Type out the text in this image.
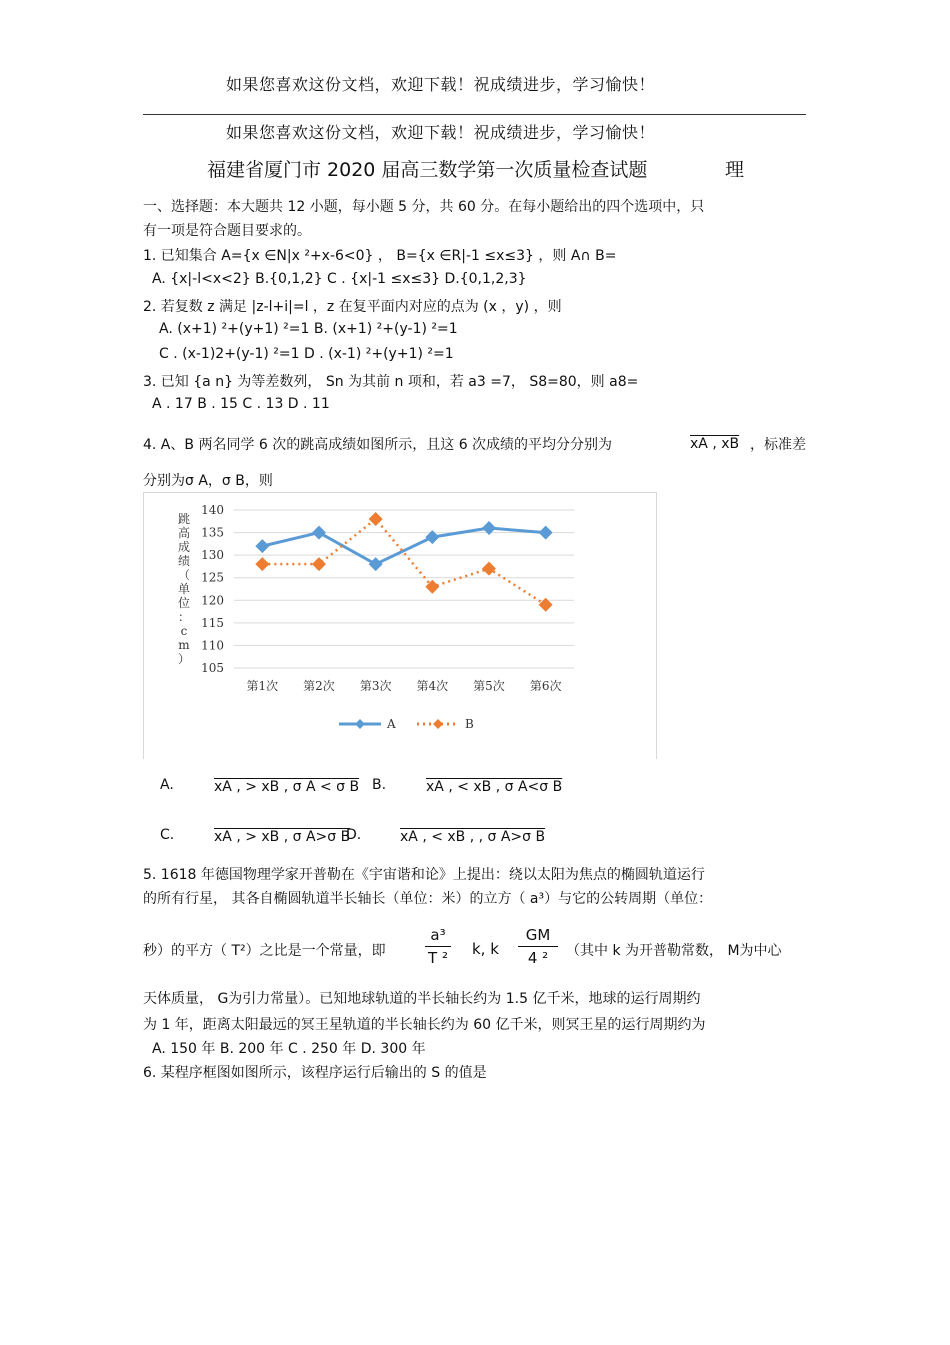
如果您喜欢这份文档，欢迎下载！祝成绩进步，学习愉快！
如果您喜欢这份文档，欢迎下载！祝成绩进步，学习愉快！
福建省厦门市 2020 届高三数学第一次质量检查试题	理
一、选择题：本大题共 12 小题，每小题 5 分，共 60 分。在每小题给出的四个选项中，只
有一项是符合题目要求的。
1. 已知集合 A={x ∈N|x ²+x-6<0} ， B={x ∈R|-1 ≤x≤3} ，则 A∩ B=
A. {x|-l<x<2} B.{0,1,2} C . {x|-1 ≤x≤3} D.{0,1,2,3}
2. 若复数 z 满足 |z-l+i|=l ，z 在复平面内对应的点为 (x ，y) ，则
A. (x+1) ²+(y+1) ²=1 B. (x+1) ²+(y-1) ²=1
C . (x-1)2+(y-1) ²=1 D . (x-1) ²+(y+1) ²=1
3. 已知 {a n} 为等差数列， Sn 为其前 n 项和，若 a3 =7， S8=80，则 a8=
A . 17 B . 15 C . 13 D . 11
4. A、B 两名同学 6 次的跳高成绩如图所示，且这 6 次成绩的平均分分别为	xA , xB ，标准差
分别为σ A，σ B，则
140
135
130
125
120
115
110
105
第1次 第2次 第3次 第4次 第5次 第6次
跳高成绩（单位： c m ）
A	B
A.	xA , > xB , σ A < σ B B.	xA , < xB , σ A<σ B
C.	xA , > xB , σ A>σ B
D.	xA , < xB , , σ A>σ B
5. 1618 年德国物理学家开普勒在《宇宙谐和论》上提出：绕以太阳为焦点的椭圆轨道运行
的所有行星， 其各自椭圆轨道半长轴长（单位：米）的立方（ a³）与它的公转周期（单位：
秒）的平方（ T²）之比是一个常量，即
a³
T ² k, k
GM
4 ²	（其中 k 为开普勒常数， M为中心
天体质量， G为引力常量）。已知地球轨道的半长轴长约为 1.5 亿千米，地球的运行周期约
为 1 年，距离太阳最远的冥王星轨道的半长轴长约为 60 亿千米，则冥王星的运行周期约为
A. 150 年 B. 200 年 C . 250 年 D. 300 年
6. 某程序框图如图所示，该程序运行后输出的 S 的值是
